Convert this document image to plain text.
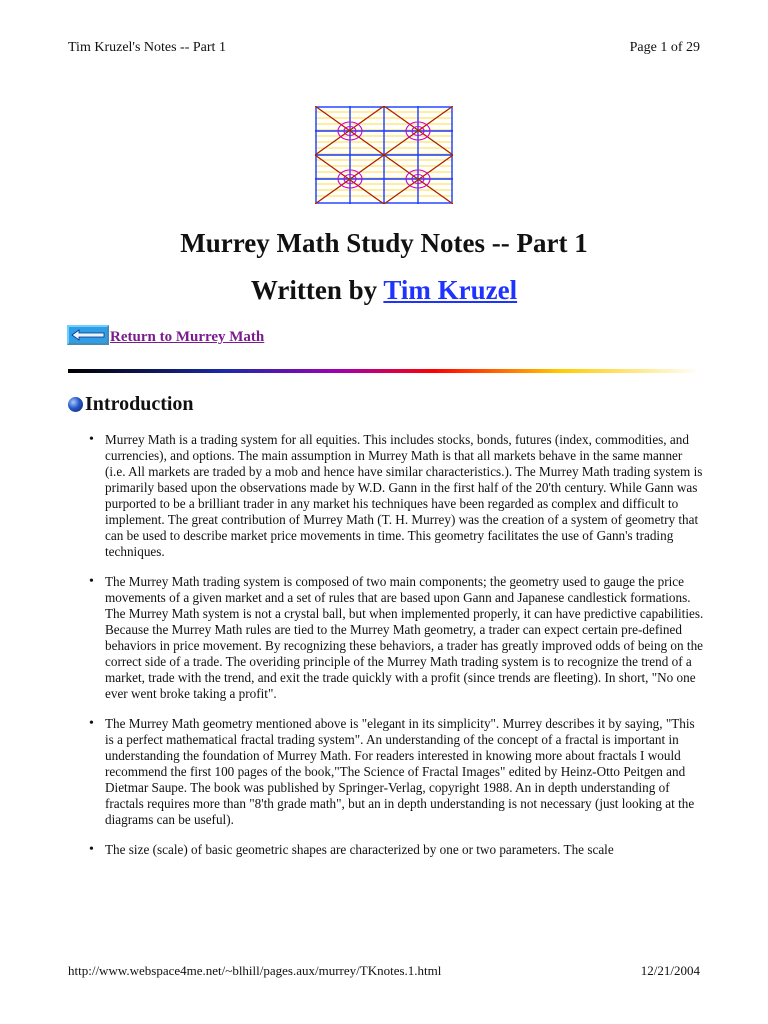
Tim Kruzel's Notes -- Part 1	Page 1 of 29
Murrey Math Study Notes -- Part 1
Written by Tim Kruzel
Return to Murrey Math
Introduction
• Murrey Math is a trading system for all equities. This includes stocks, bonds, futures (index, commodities, and currencies), and options. The main assumption in Murrey Math is that all markets behave in the same manner (i.e. All markets are traded by a mob and hence have similar characteristics.). The Murrey Math trading system is primarily based upon the observations made by W.D. Gann in the first half of the 20'th century. While Gann was purported to be a brilliant trader in any market his techniques have been regarded as complex and difficult to implement. The great contribution of Murrey Math (T. H. Murrey) was the creation of a system of geometry that can be used to describe market price movements in time. This geometry facilitates the use of Gann's trading techniques.
• The Murrey Math trading system is composed of two main components; the geometry used to gauge the price movements of a given market and a set of rules that are based upon Gann and Japanese candlestick formations. The Murrey Math system is not a crystal ball, but when implemented properly, it can have predictive capabilities. Because the Murrey Math rules are tied to the Murrey Math geometry, a trader can expect certain pre-defined behaviors in price movement. By recognizing these behaviors, a trader has greatly improved odds of being on the correct side of a trade. The overiding principle of the Murrey Math trading system is to recognize the trend of a market, trade with the trend, and exit the trade quickly with a profit (since trends are fleeting). In short, "No one ever went broke taking a profit".
• The Murrey Math geometry mentioned above is "elegant in its simplicity". Murrey describes it by saying, "This is a perfect mathematical fractal trading system". An understanding of the concept of a fractal is important in understanding the foundation of Murrey Math. For readers interested in knowing more about fractals I would recommend the first 100 pages of the book,"The Science of Fractal Images" edited by Heinz-Otto Peitgen and Dietmar Saupe. The book was published by Springer-Verlag, copyright 1988. An in depth understanding of fractals requires more than "8'th grade math", but an in depth understanding is not necessary (just looking at the diagrams can be useful).
• The size (scale) of basic geometric shapes are characterized by one or two parameters. The scale
http://www.webspace4me.net/~blhill/pages.aux/murrey/TKnotes.1.html	12/21/2004
